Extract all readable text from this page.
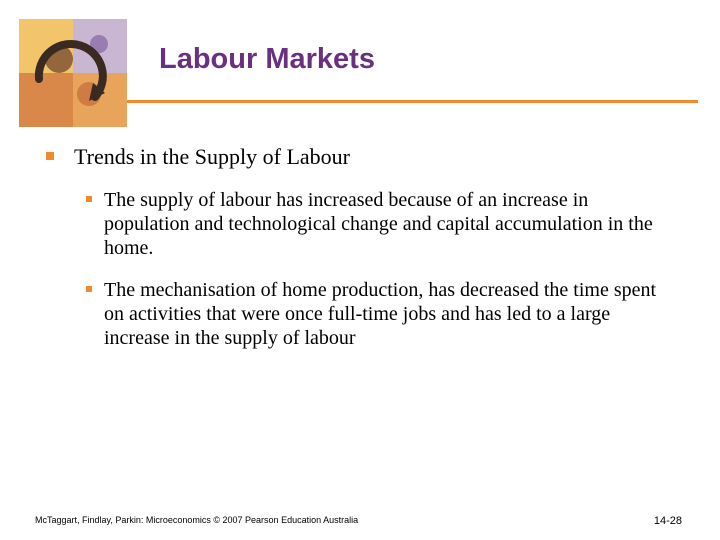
Labour Markets
Trends in the Supply of Labour
The supply of labour has increased because of an increase in population and technological change and capital accumulation in the home.
The mechanisation of home production, has decreased the time spent on activities that were once full-time jobs and has led to a large increase in the supply of labour
McTaggart, Findlay, Parkin: Microeconomics © 2007 Pearson Education Australia	14-28
